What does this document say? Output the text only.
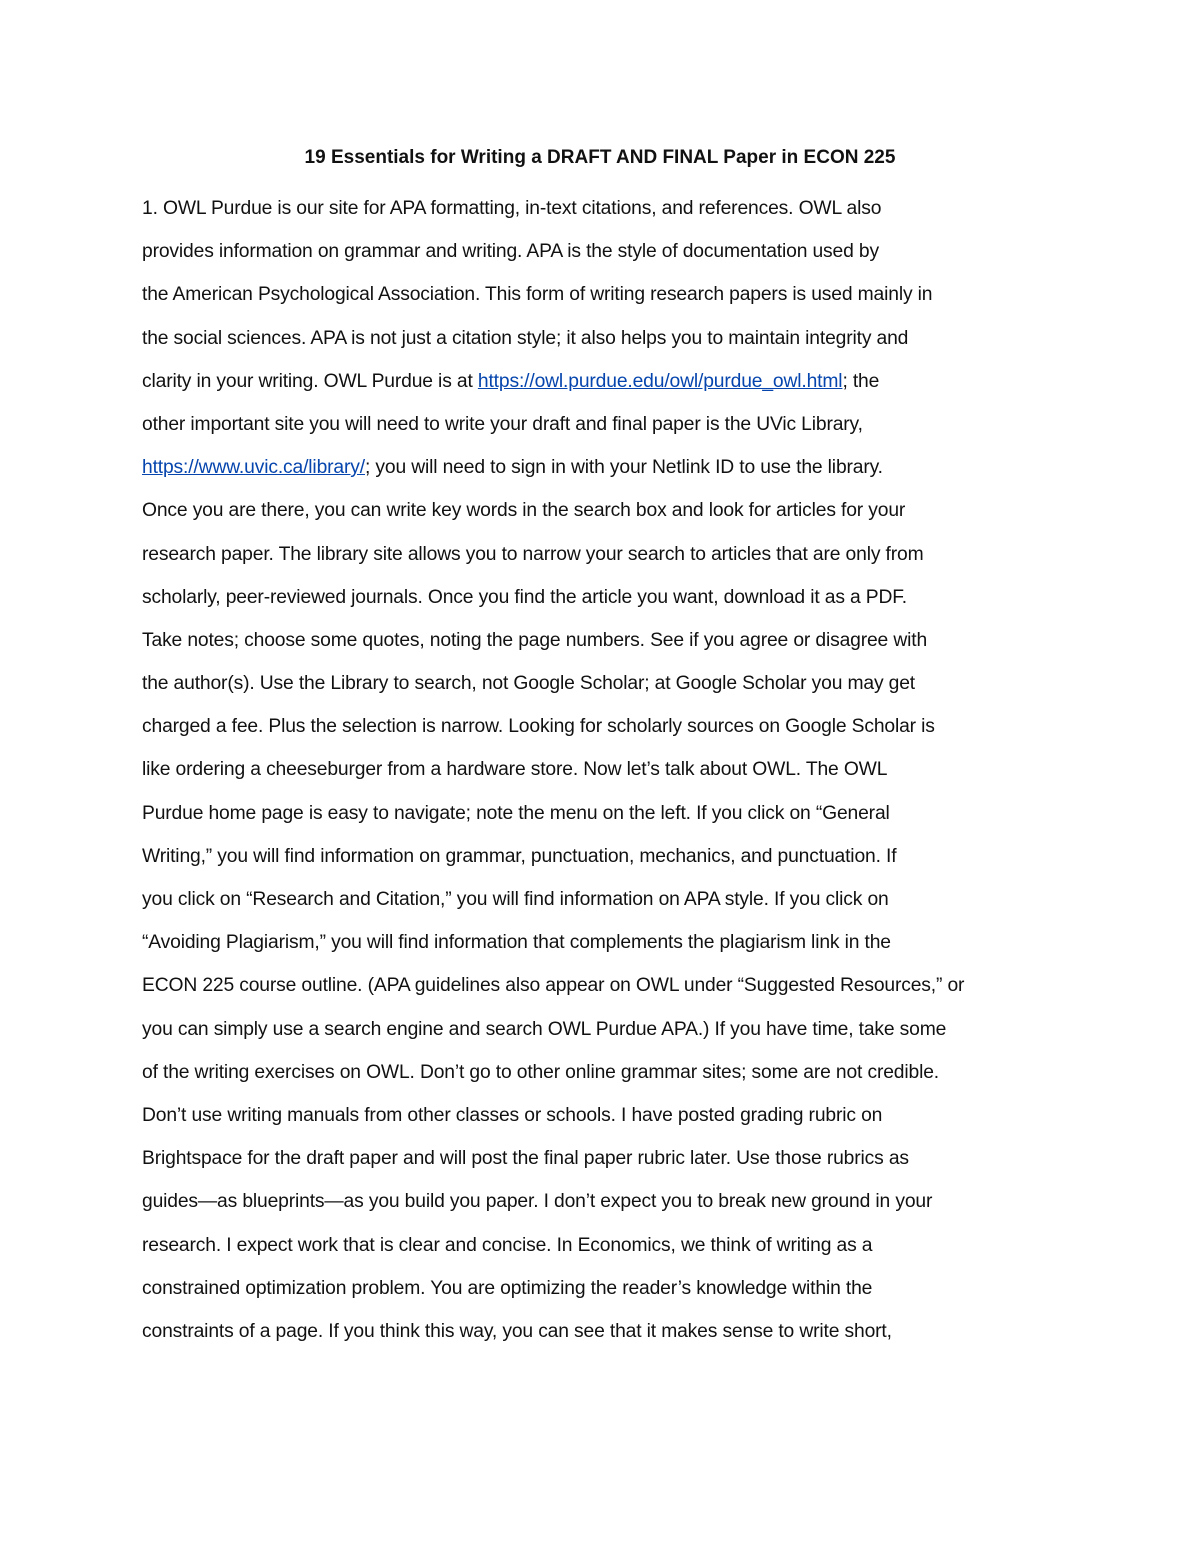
19 Essentials for Writing a DRAFT AND FINAL Paper in ECON 225
1. OWL Purdue is our site for APA formatting, in-text citations, and references. OWL also
provides information on grammar and writing. APA is the style of documentation used by
the American Psychological Association. This form of writing research papers is used mainly in
the social sciences. APA is not just a citation style; it also helps you to maintain integrity and
clarity in your writing. OWL Purdue is at https://owl.purdue.edu/owl/purdue_owl.html; the
other important site you will need to write your draft and final paper is the UVic Library,
https://www.uvic.ca/library/; you will need to sign in with your Netlink ID to use the library.
Once you are there, you can write key words in the search box and look for articles for your
research paper. The library site allows you to narrow your search to articles that are only from
scholarly, peer-reviewed journals. Once you find the article you want, download it as a PDF.
Take notes; choose some quotes, noting the page numbers. See if you agree or disagree with
the author(s). Use the Library to search, not Google Scholar; at Google Scholar you may get
charged a fee. Plus the selection is narrow. Looking for scholarly sources on Google Scholar is
like ordering a cheeseburger from a hardware store. Now let’s talk about OWL. The OWL
Purdue home page is easy to navigate; note the menu on the left. If you click on “General
Writing,” you will find information on grammar, punctuation, mechanics, and punctuation. If
you click on “Research and Citation,” you will find information on APA style. If you click on
“Avoiding Plagiarism,” you will find information that complements the plagiarism link in the
ECON 225 course outline. (APA guidelines also appear on OWL under “Suggested Resources,” or
you can simply use a search engine and search OWL Purdue APA.) If you have time, take some
of the writing exercises on OWL. Don’t go to other online grammar sites; some are not credible.
Don’t use writing manuals from other classes or schools. I have posted grading rubric on
Brightspace for the draft paper and will post the final paper rubric later. Use those rubrics as
guides—as blueprints—as you build you paper. I don’t expect you to break new ground in your
research. I expect work that is clear and concise. In Economics, we think of writing as a
constrained optimization problem. You are optimizing the reader’s knowledge within the
constraints of a page. If you think this way, you can see that it makes sense to write short,
